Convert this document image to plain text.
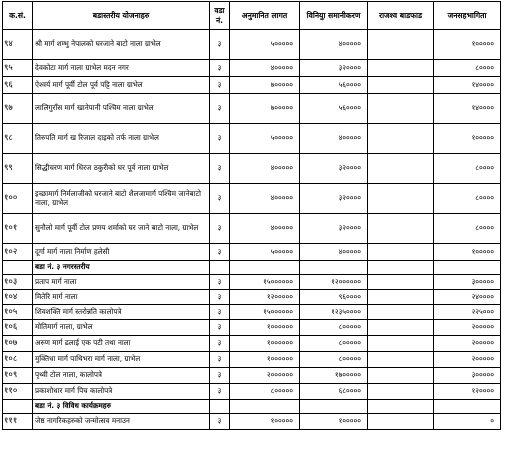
क.सं.	बडास्तरीय योजनाहरु	वडा नं.	अनुमानित लागत	विनियुा समानीकरण	राजश्व बाडफाड	जनसहभागिता
९४	श्री मार्ग शम्भु नेपालको घरजाने बाटो नाला ग्राभेल	३	५०००००	४०००००		१०००००
९५	देवकोटा मार्ग नाला ग्राभेल मदन नगर	३	४०००००	३२००००		८००००
९६	ऐश्वर्य मार्ग पूर्वी टोल पूर्व पट्टि नाला ग्राभेल	३	७०००००	५६००००		१४००००
९७	लालिगुराँस मार्ग खानेपानी पश्चिम नाला ग्राभेल	३	७०००००	५६००००		१४००००
९८	तिरुपति मार्ग ख रिजाल दाइको तर्फ नाला ग्राभेल	३	५०००००	४०००००		१०००००
९९	सिद्धीचरण मार्ग धिरज ठकुरीको घर पूर्व नाला ग्राभेल	३	४०००००	३२००००		८००००
१००	इच्छामार्ग निर्मलाजीको घरजाने बाटो शैलजामार्ग पश्चिम जानेबाटो नाला, ग्राभेल	३	४०००००	३२००००		८००००
१०१	सुनौलो मार्ग पूर्वी टोल प्रणय शर्माको घर जाने बाटो नाला, ग्राभेल	३	४०००००	३२००००		८००००
१०२	दूर्गा मार्ग नाला निर्माण हलेसी	३	५०००००	४०००००		१०००००
	बडा नं. ३ नगरस्तरीय					
१०३	प्रताप मार्ग नाला	३	१५००००००	१२००००००		३०००००
१०४	मितेरि मार्ग नाला	३	१२०००००	९६००००		२४००००
१०५	शिवशक्ति मार्ग स्तरोन्नति कालोपत्रे	३	१५००००००	१२३५००००		२२५०००
१०६	मोतिमार्ग नाला, ग्राभेल	३	१००००००	८०००००		२०००००
१०७	अरुण मार्ग ढलाई एक पटी तथा नाला	३	१००००००	८०००००		२०००००
१०८	मुक्तिधा मार्ग पाथिभरा मार्ग नाला, ग्राभेल	३	१००००००	८०००००		२०००००
१०९	पृथ्वी टोल नाला, कालोपत्रे	३	२००००००	१७०००००		३०००००
११०	प्रकाशोधार मार्ग पिच कालोपत्रे	३	८०००००	६८००००		१२००००
	बडा नं. ३ विविध कार्यक्रमहरु					
१११	जेष्ठ नागरिकहरुको जन्मोत्सव मनाउन	३	१०००००	१०००००		०
